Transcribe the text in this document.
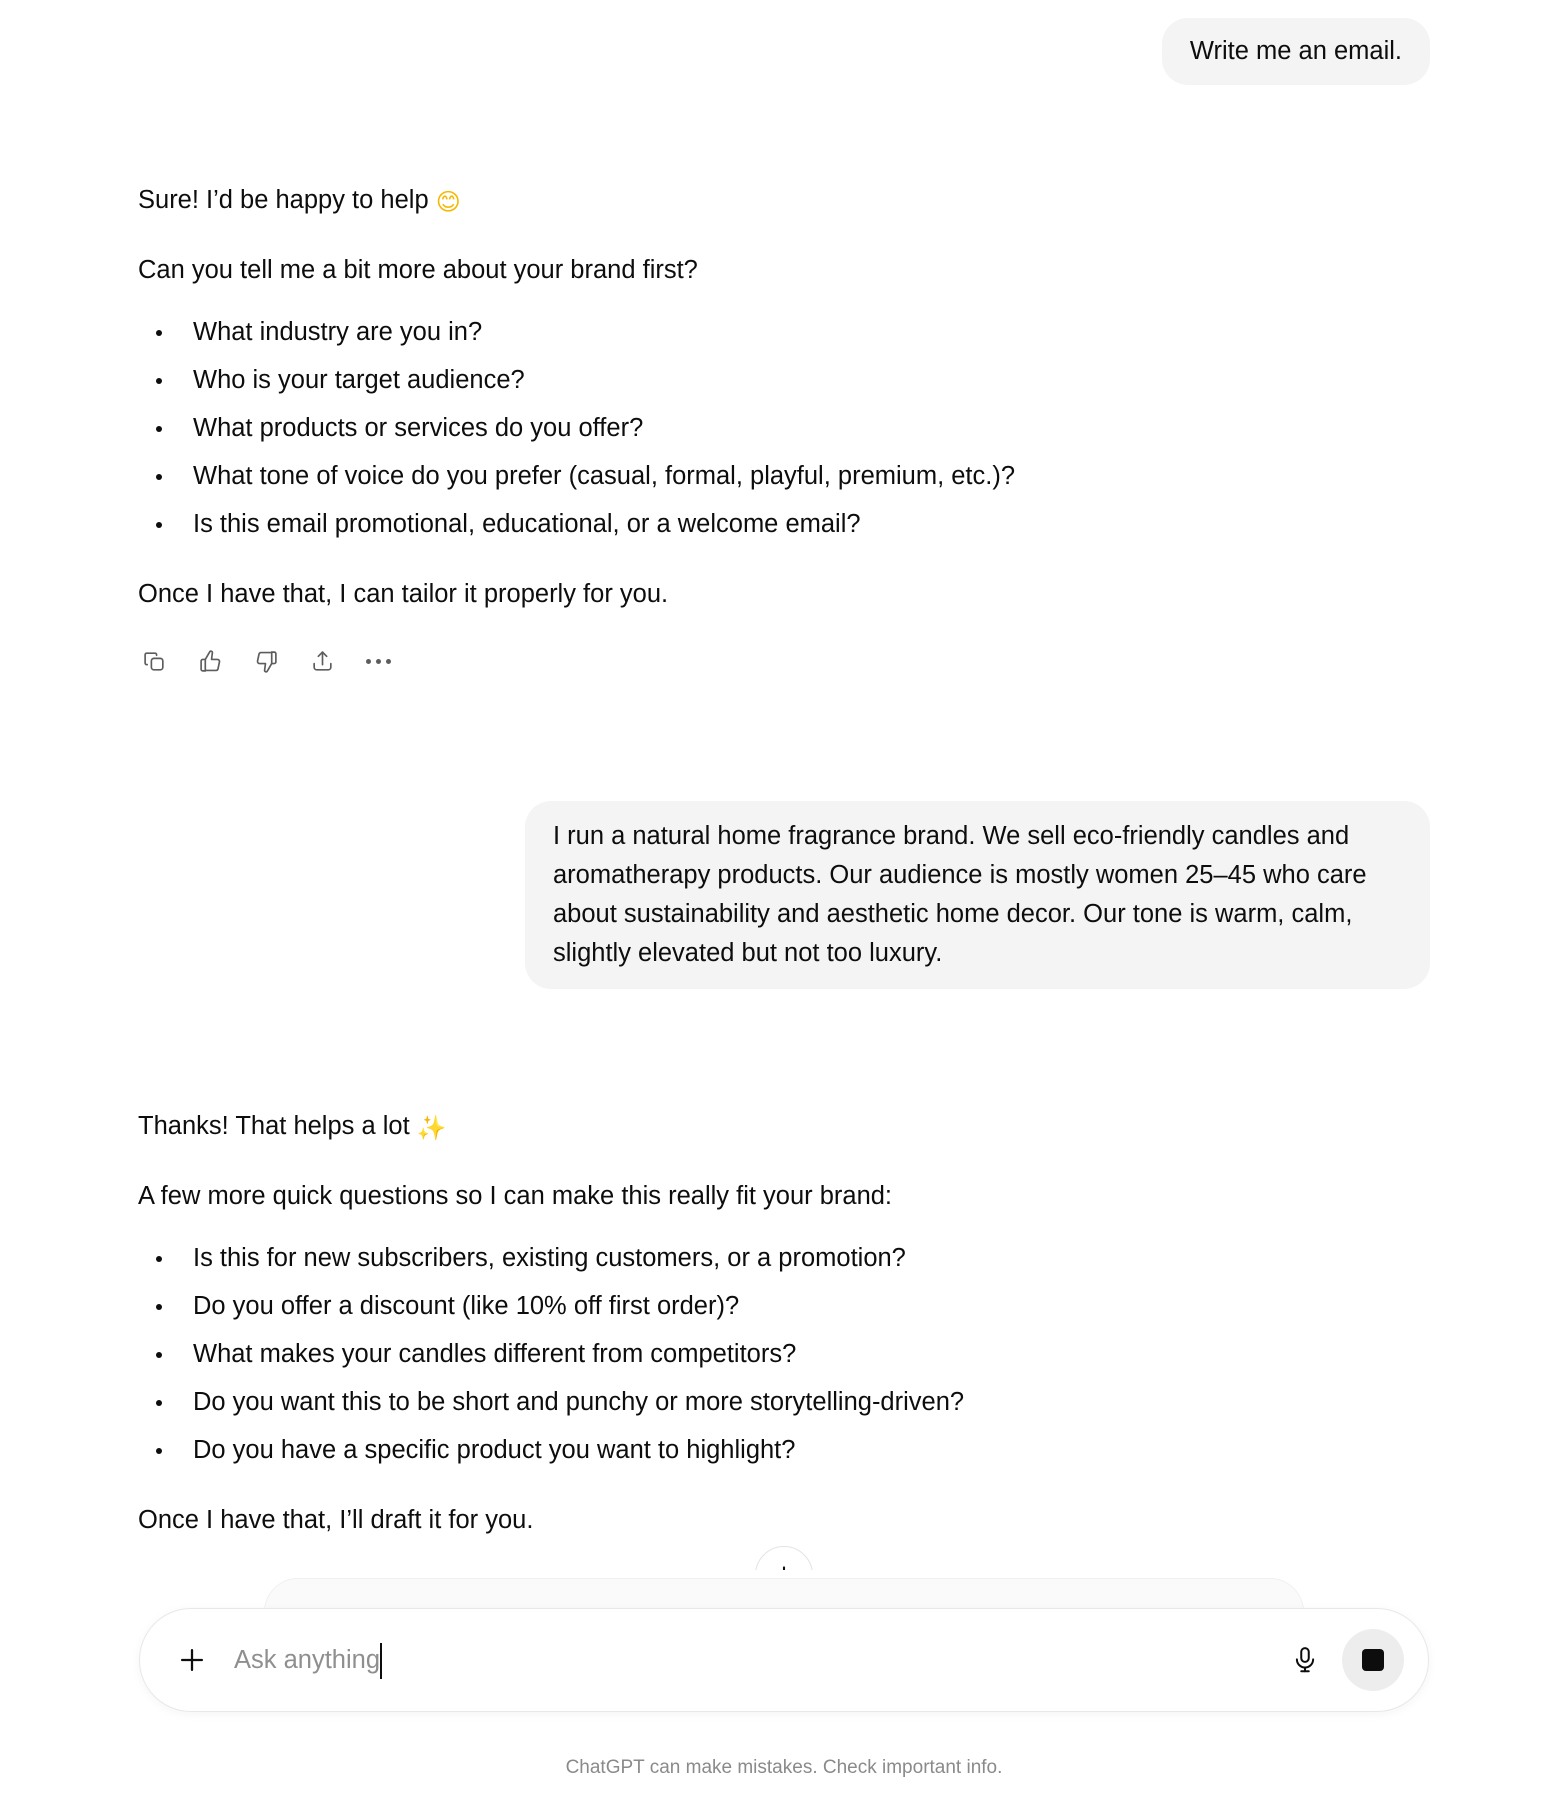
Write me an email.

Sure! I’d be happy to help 😊

Can you tell me a bit more about your brand first?

What industry are you in?
Who is your target audience?
What products or services do you offer?
What tone of voice do you prefer (casual, formal, playful, premium, etc.)?
Is this email promotional, educational, or a welcome email?

Once I have that, I can tailor it properly for you.

I run a natural home fragrance brand. We sell eco-friendly candles and aromatherapy products. Our audience is mostly women 25–45 who care about sustainability and aesthetic home decor. Our tone is warm, calm, slightly elevated but not too luxury.

Thanks! That helps a lot ✨

A few more quick questions so I can make this really fit your brand:

Is this for new subscribers, existing customers, or a promotion?
Do you offer a discount (like 10% off first order)?
What makes your candles different from competitors?
Do you want this to be short and punchy or more storytelling-driven?
Do you have a specific product you want to highlight?

Once I have that, I’ll draft it for you.

Ask anything
ChatGPT can make mistakes. Check important info.
